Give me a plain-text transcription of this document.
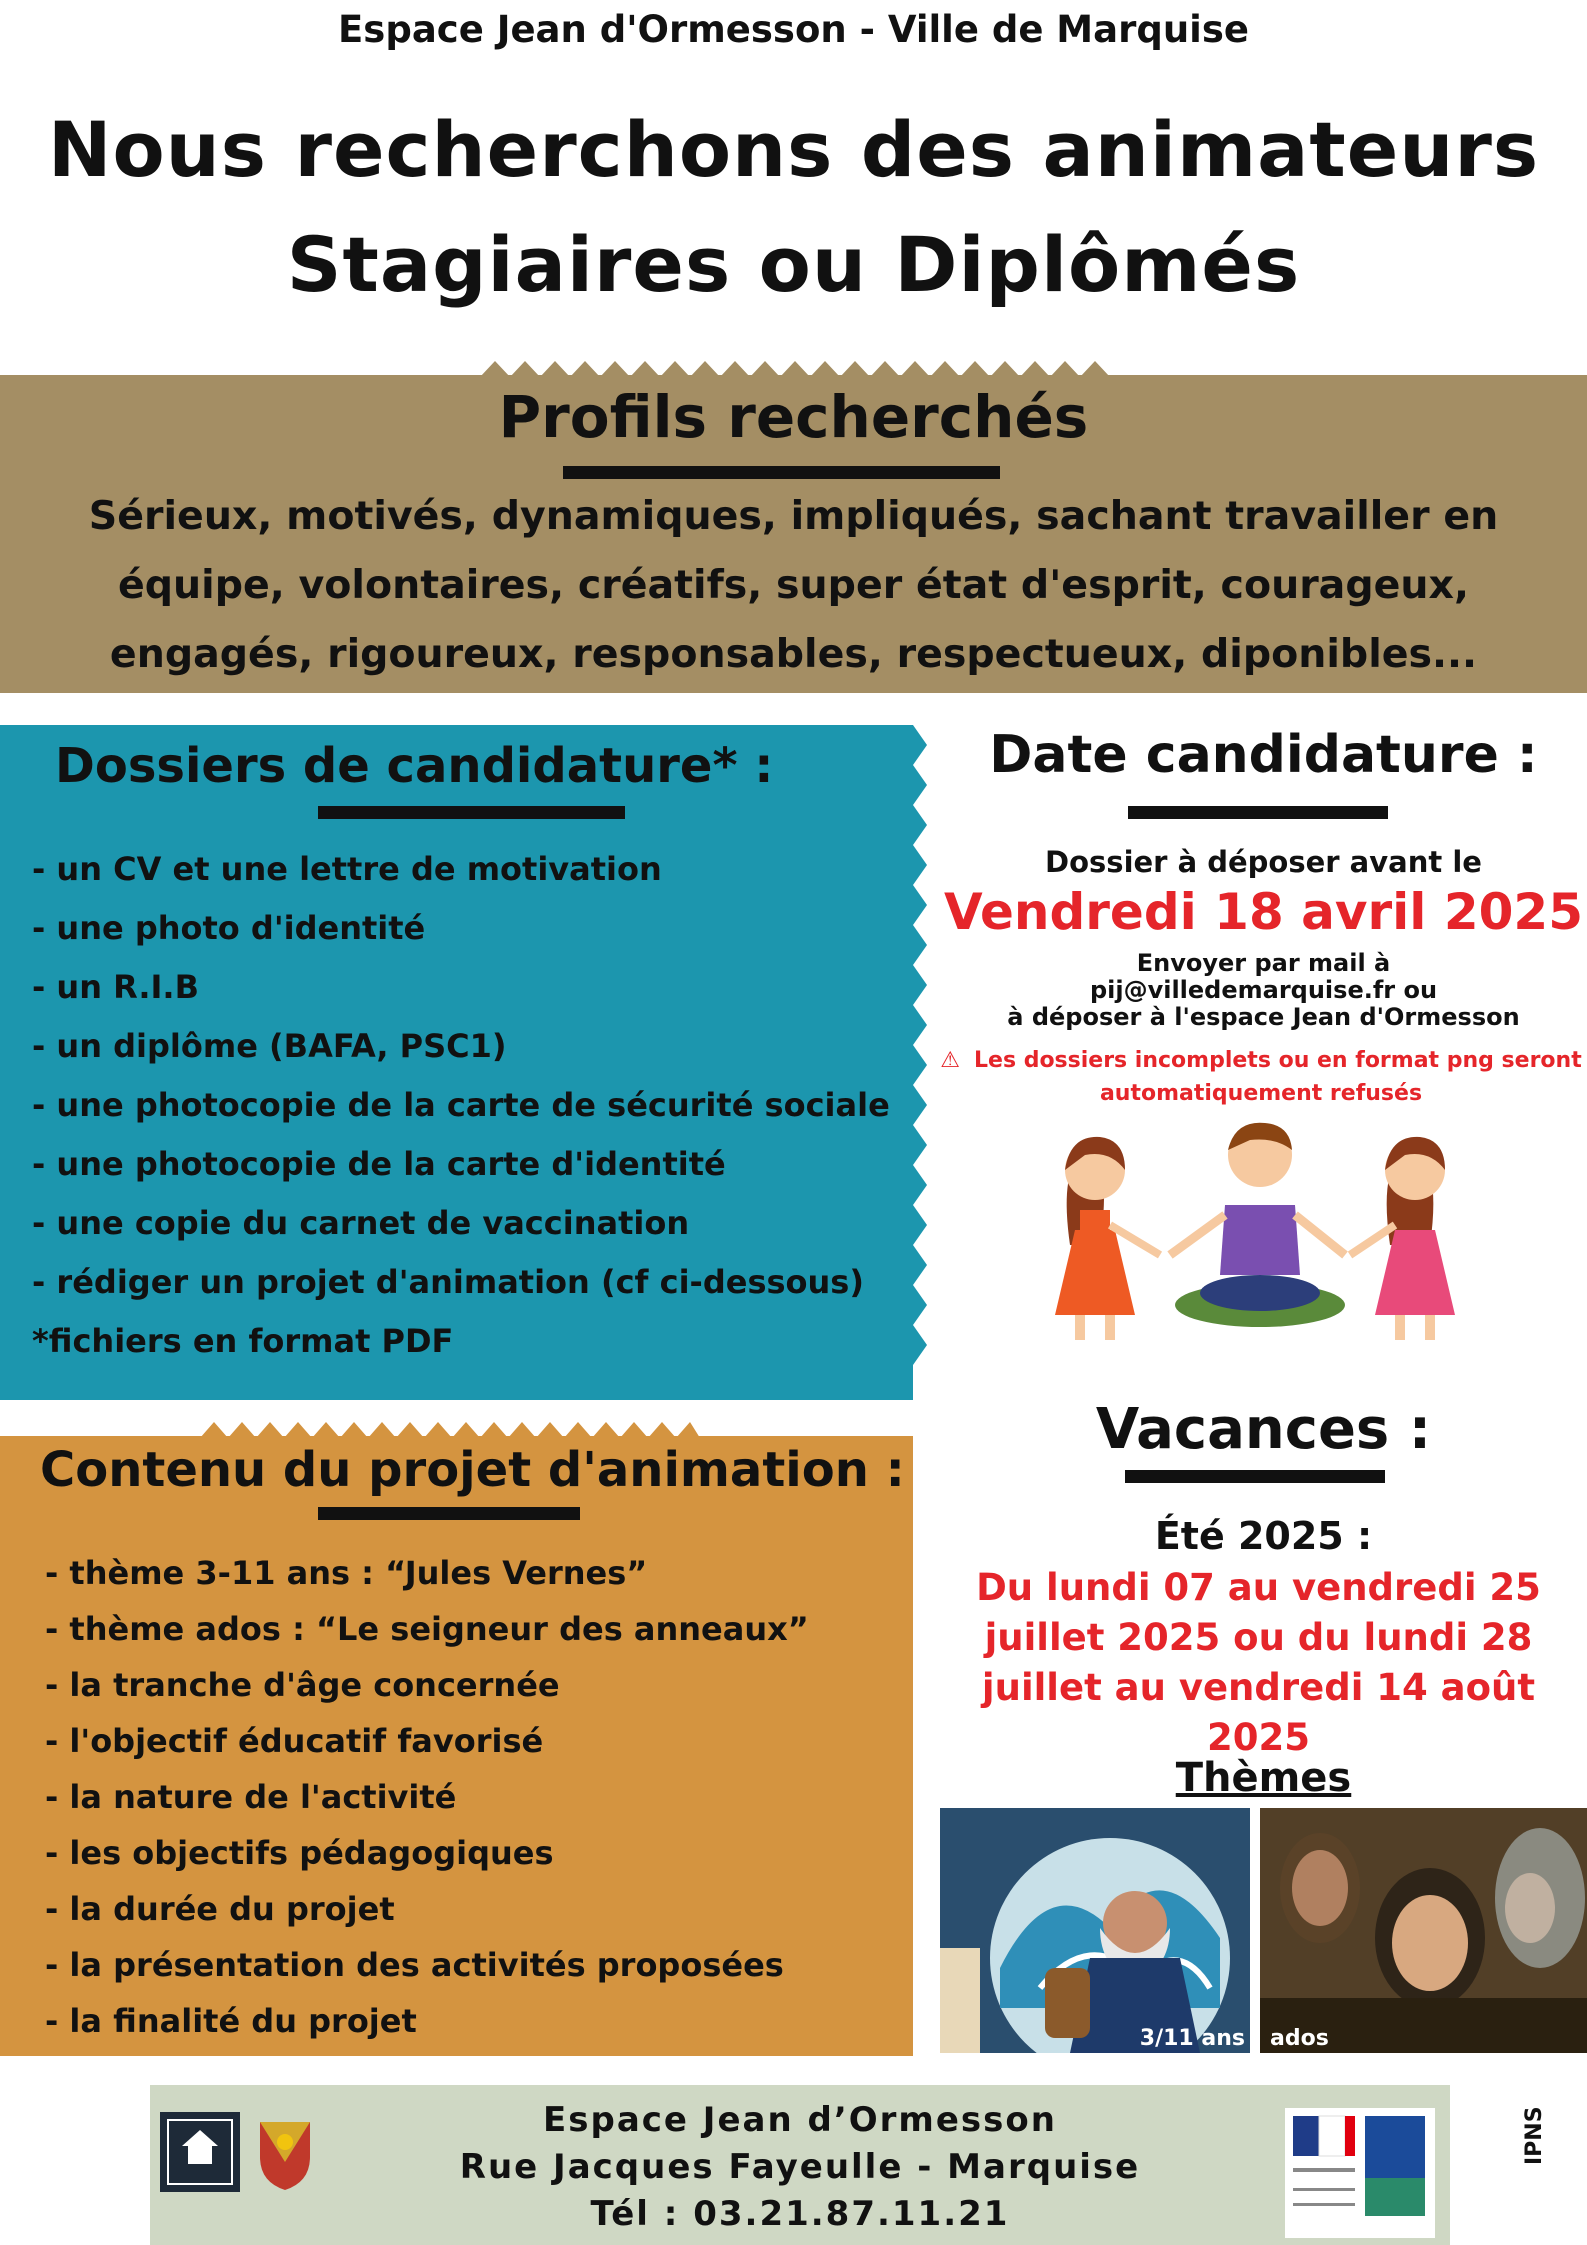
Espace Jean d'Ormesson - Ville de Marquise
Nous recherchons des animateurs
Stagiaires ou Diplômés
Profils recherchés
Sérieux, motivés, dynamiques, impliqués, sachant travailler en
équipe, volontaires, créatifs, super état d'esprit, courageux,
engagés, rigoureux, responsables, respectueux, diponibles...
Dossiers de candidature* :
- un CV et une lettre de motivation
- une photo d'identité
- un R.I.B
- un diplôme (BAFA, PSC1)
- une photocopie de la carte de sécurité sociale
- une photocopie de la carte d'identité
- une copie du carnet de vaccination
- rédiger un projet d'animation (cf ci-dessous)
*fichiers en format PDF
Contenu du projet d'animation :
- thème 3-11 ans : “Jules Vernes”
- thème ados : “Le seigneur des anneaux”
- la tranche d'âge concernée
- l'objectif éducatif favorisé
- la nature de l'activité
- les objectifs pédagogiques
- la durée du projet
- la présentation des activités proposées
- la finalité du projet
Date candidature :
Dossier à déposer avant le
Vendredi 18 avril 2025
Envoyer par mail à
pij@villedemarquise.fr ou
à déposer à l'espace Jean d'Ormesson
⚠ Les dossiers incomplets ou en format png seront
automatiquement refusés
Vacances :
Été 2025 :
Du lundi 07 au vendredi 25
juillet 2025 ou du lundi 28
juillet au vendredi 14 août 2025
Thèmes
3/11 ans ados
Espace Jean d’Ormesson
Rue Jacques Fayeulle - Marquise
Tél : 03.21.87.11.21
IPNS
